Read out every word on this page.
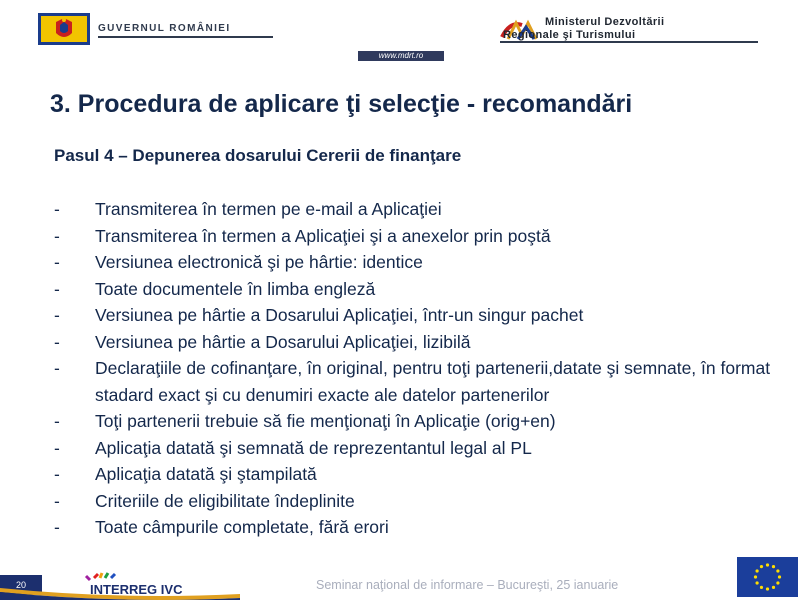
GUVERNUL ROMÂNIEI
Ministerul Dezvoltării
Regionale şi Turismului
www.mdrt.ro
3. Procedura de aplicare ţi selecţie - recomandări
Pasul 4 – Depunerea dosarului Cererii de finanţare
- Transmiterea în termen pe e-mail a Aplicaţiei
- Transmiterea în termen a Aplicaţiei şi a anexelor prin poştă
- Versiunea electronică şi pe hârtie: identice
- Toate documentele în limba engleză
- Versiunea pe hârtie a Dosarului Aplicaţiei, într-un singur pachet
- Versiunea pe hârtie a Dosarului Aplicaţiei, lizibilă
- Declaraţiile de cofinanţare, în original, pentru toţi partenerii,datate şi semnate, în format stadard exact şi cu denumiri exacte ale datelor partenerilor
- Toţi partenerii trebuie să fie menţionaţi în Aplicaţie (orig+en)
- Aplicaţia datată şi semnată de reprezentantul legal al PL
- Aplicaţia datată şi ştampilată
- Criteriile de eligibilitate îndeplinite
- Toate câmpurile completate, fără erori
20	INTERREG IVC	Seminar naţional de informare – Bucureşti, 25 ianuarie
